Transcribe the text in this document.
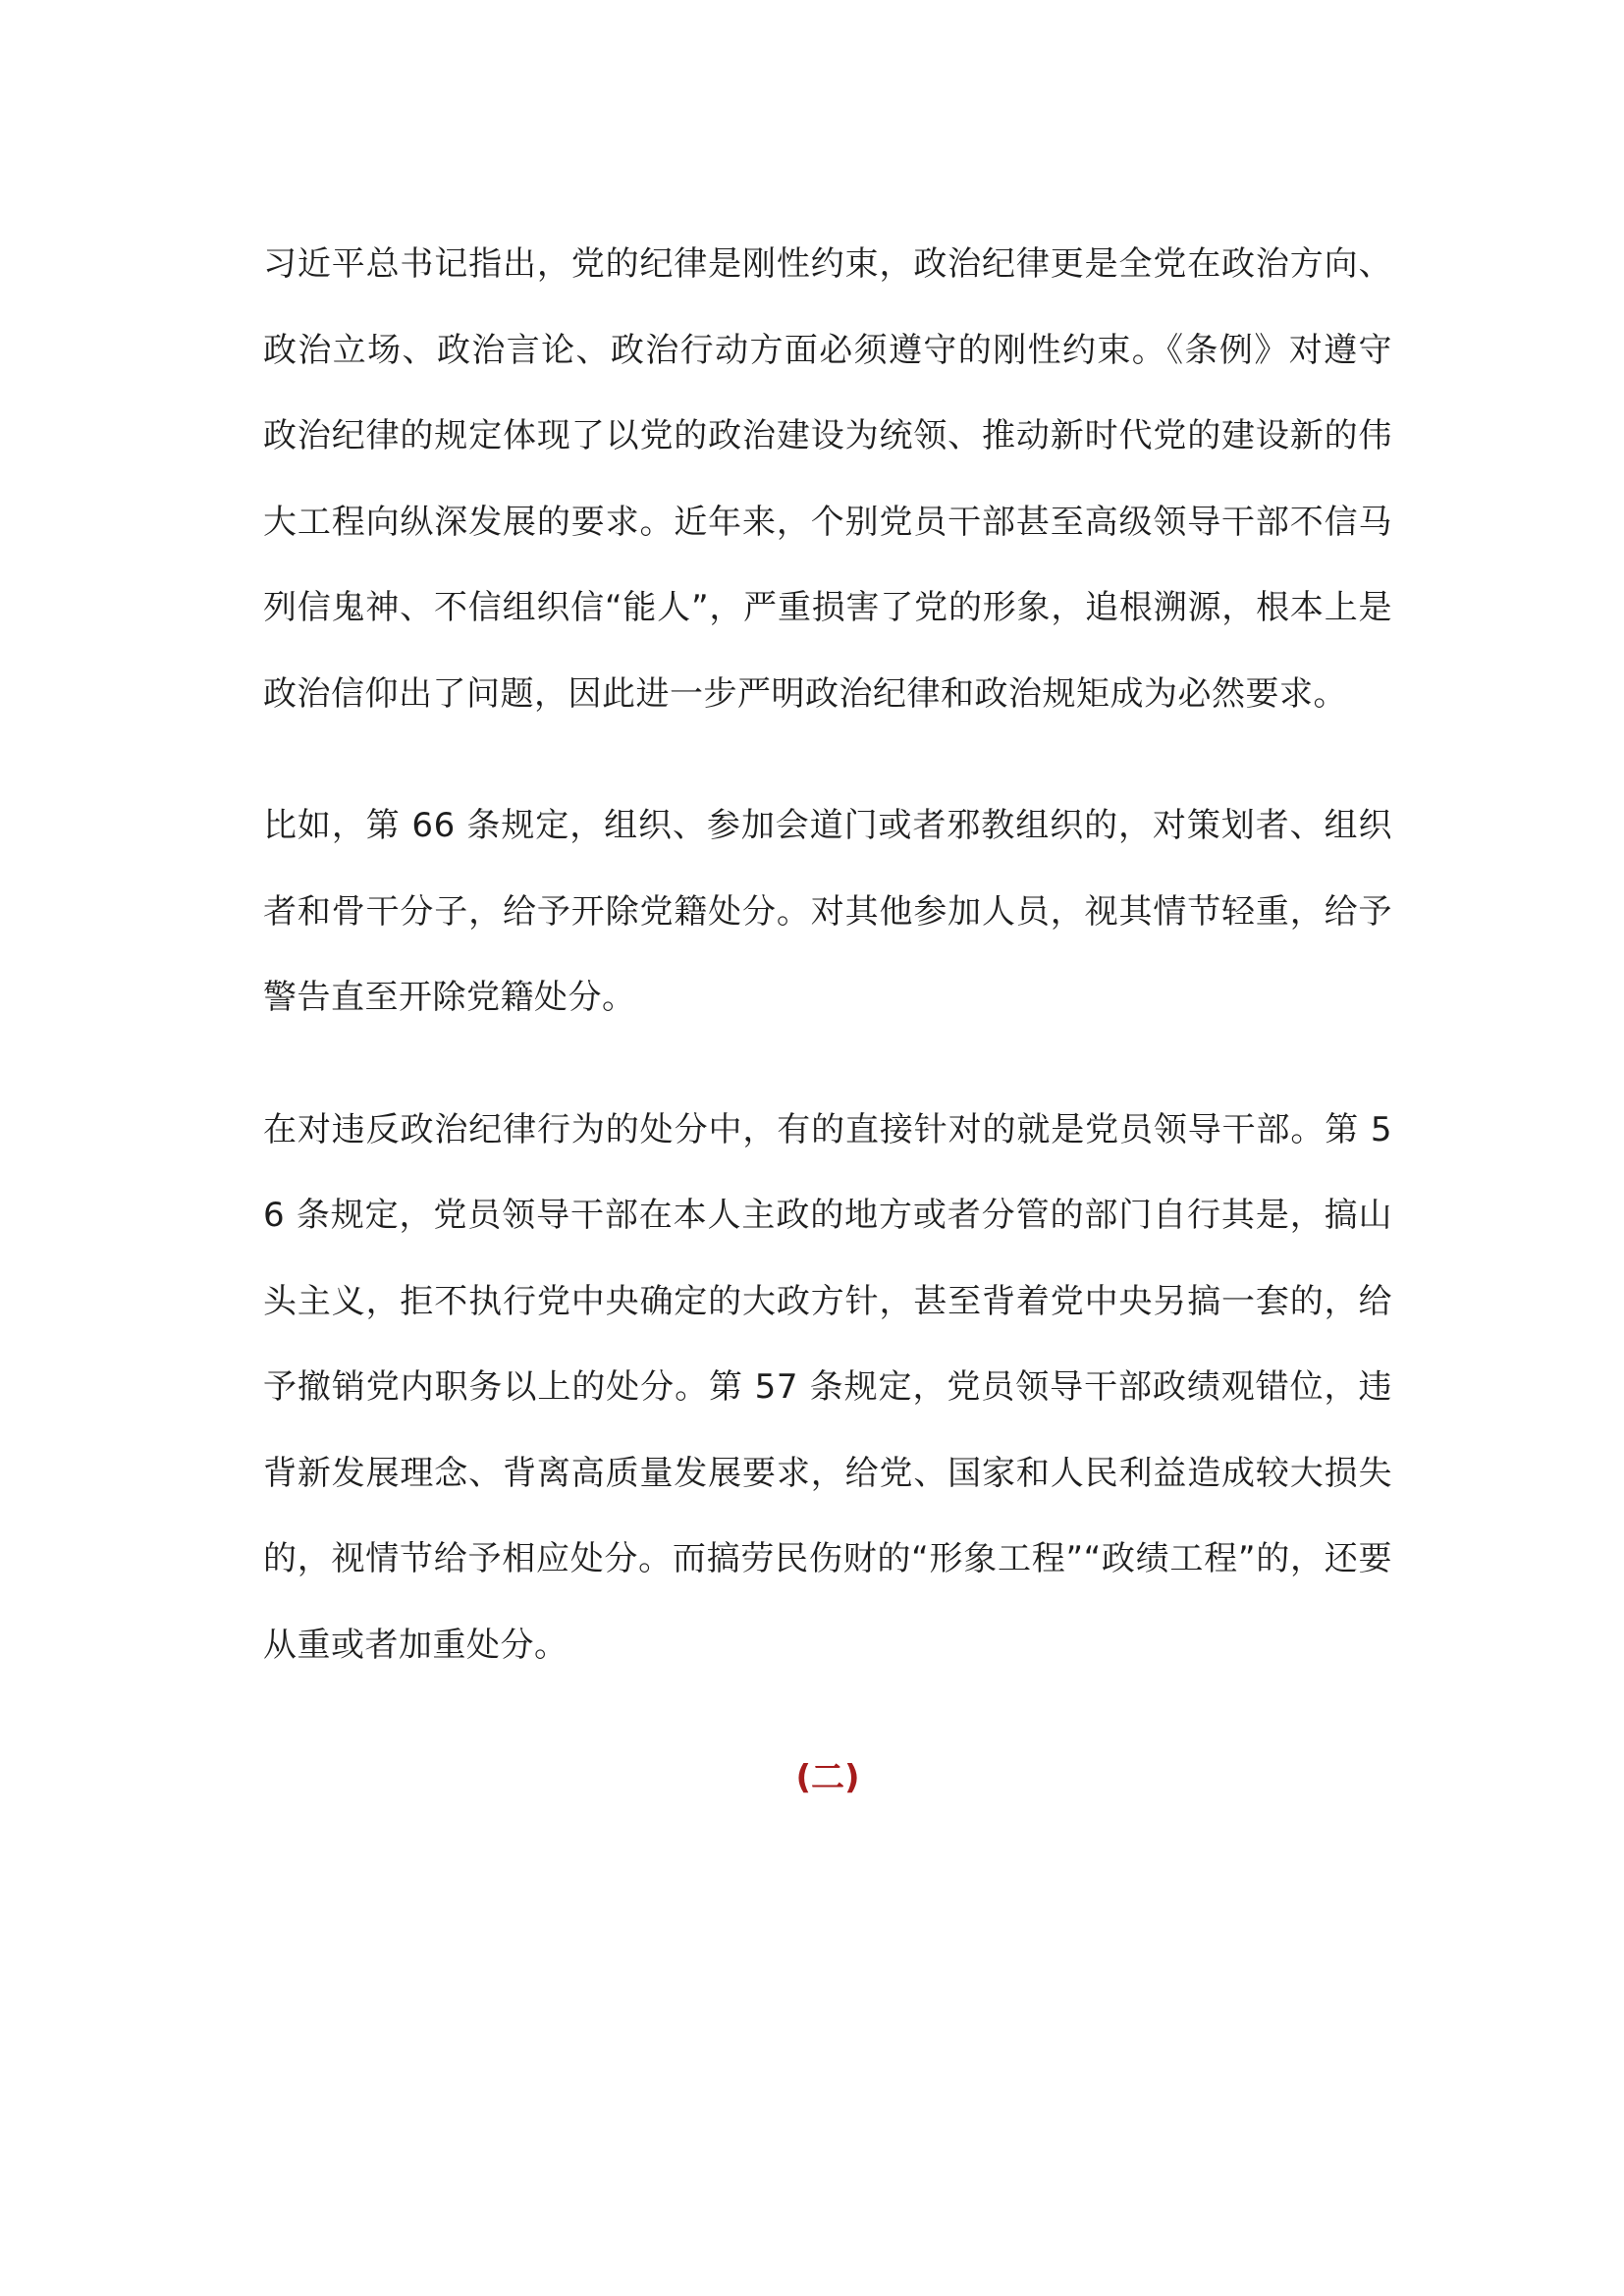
习近平总书记指出，党的纪律是刚性约束，政治纪律更是全党在政治方向、政治立场、政治言论、政治行动方面必须遵守的刚性约束。《条例》对遵守政治纪律的规定体现了以党的政治建设为统领、推动新时代党的建设新的伟大工程向纵深发展的要求。近年来，个别党员干部甚至高级领导干部不信马列信鬼神、不信组织信“能人”，严重损害了党的形象，追根溯源，根本上是政治信仰出了问题，因此进一步严明政治纪律和政治规矩成为必然要求。

比如，第 66 条规定，组织、参加会道门或者邪教组织的，对策划者、组织者和骨干分子，给予开除党籍处分。对其他参加人员，视其情节轻重，给予警告直至开除党籍处分。

在对违反政治纪律行为的处分中，有的直接针对的就是党员领导干部。第 56 条规定，党员领导干部在本人主政的地方或者分管的部门自行其是，搞山头主义，拒不执行党中央确定的大政方针，甚至背着党中央另搞一套的，给予撤销党内职务以上的处分。第 57 条规定，党员领导干部政绩观错位，违背新发展理念、背离高质量发展要求，给党、国家和人民利益造成较大损失的，视情节给予相应处分。而搞劳民伤财的“形象工程”“政绩工程”的，还要从重或者加重处分。

(二)
